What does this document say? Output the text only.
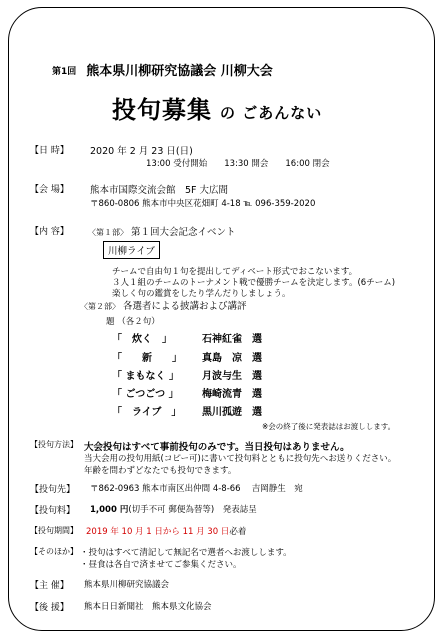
第1回 熊本県川柳研究協議会 川柳大会
投句募集 の ごあんない
【日 時】 2020 年 2 月 23 日(日)
13:00 受付開始　　13:30 開会　　16:00 閉会
【会 場】 熊本市国際交流会館　5F 大広間
〒860-0806 熊本市中央区花畑町 4-18 ℡ 096-359-2020
【内 容】 〈第１部〉 第１回大会記念イベント
川柳ライブ
チームで自由句１句を提出してディベート形式でおこないます。
３人１組のチームのトーナメント戦で優勝チームを決定します。(6チーム)
楽しく句の鑑賞をしたり学んだりしましょう。
〈第２部〉 各選者による披講および講評
題 （各２句）
「　炊く　」	石神紅雀　選
「　　新　　」 真島　凉　選
「 まもなく 」 月波与生　選
「 ごつごつ 」 梅崎流青　選
「　ライブ　」 黒川孤遊　選
※会の終了後に発表誌はお渡しします。
【投句方法】 大会投句はすべて事前投句のみです。当日投句はありません。
当大会用の投句用紙(コピー可)に書いて投句料とともに投句先へお送りください。
年齢を問わずどなたでも投句できます。
【投句先】 〒862-0963 熊本市南区出仲間 4-8-66　 吉岡静生　宛
【投句料】 1,000 円(切手不可 郵便為替等)　発表誌呈
【投句期間】 2019 年 10 月 1 日から 11 月 30 日必着
【そのほか】 ・投句はすべて清記して無記名で選者へお渡しします。
・昼食は各自で済ませてご参集ください。
【主 催】 熊本県川柳研究協議会
【後 援】 熊本日日新聞社　熊本県文化協会
